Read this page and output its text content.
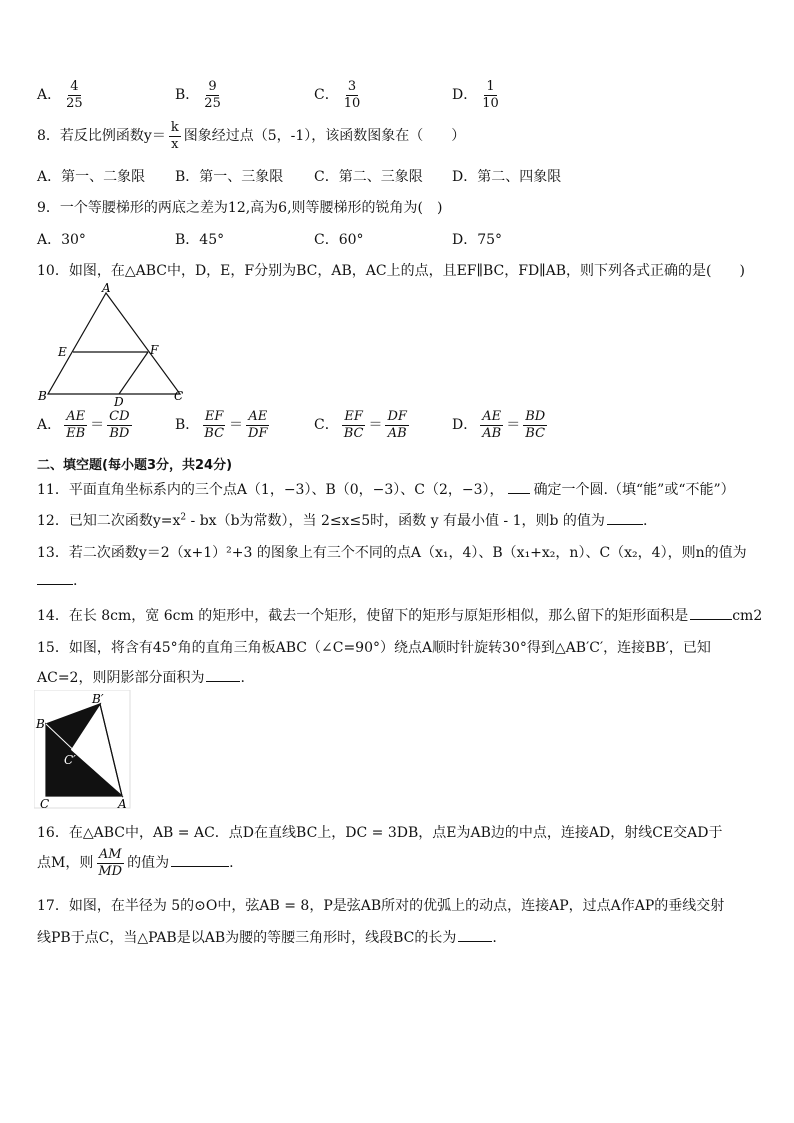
A． $\frac{4}{25}$	B． $\frac{9}{25}$	C． $\frac{3}{10}$	D． $\frac{1}{10}$
8．若反比例函数$y= \frac{k}{x}$ 图象经过点（5，-1），该函数图象在（　　）
A．第一、二象限 B．第一、三象限 C．第二、三象限 D．第二、四象限
9．一个等腰梯形的两底之差为12,高为6,则等腰梯形的锐角为(　)
A．30°	B．45°	C．60°	D．75°
10．如图，在△ABC中，D，E，F分别为BC，AB，AC上的点，且EF∥BC，FD∥AB，则下列各式正确的是(　　)
A
E	F
B	D	C
A． $\frac{AE}{EB} = \frac{CD}{BD}$	B． $\frac{EF}{BC} = \frac{AE}{DF}$	C． $\frac{EF}{BC} = \frac{DF}{AB}$	D． $\frac{AE}{AB} = \frac{BD}{BC}$
二、填空题(每小题3分，共24分)
11．平面直角坐标系内的三个点A（1，−3）、B（0，−3）、C（2，−3）， 确定一个圆.（填“能”或“不能”）
12．已知二次函数$y=x^2 - bx(b$为常数），当 2≤x≤5时，函数 y 有最小值 - 1，则b 的值为	.
13．若二次函数y＝2（x+1）²+3 的图象上有三个不同的点A（x₁，4）、B（x₁+x₂，n）、C（x₂，4），则n的值为
.
14．在长 8cm，宽 6cm 的矩形中，截去一个矩形，使留下的矩形与原矩形相似，那么留下的矩形面积是	cm2
15．如图，将含有45°角的直角三角板ABC（∠C=90°）绕点A顺时针旋转30°得到△AB′C′，连接BB′，已知
AC=2，则阴影部分面积为	.
B′
B
C′
C	A
16．在△ABC中，AB = AC．点D在直线BC上，DC = 3DB，点E为AB边的中点，连接AD，射线CE交AD于
点M，则 $\frac{AM}{MD}$ 的值为	.
17．如图，在半径为 5的⊙O中，弦AB = 8，P是弦AB所对的优弧上的动点，连接AP，过点A作AP的垂线交射
线PB于点C，当△PAB是以AB为腰的等腰三角形时，线段BC的长为	.
